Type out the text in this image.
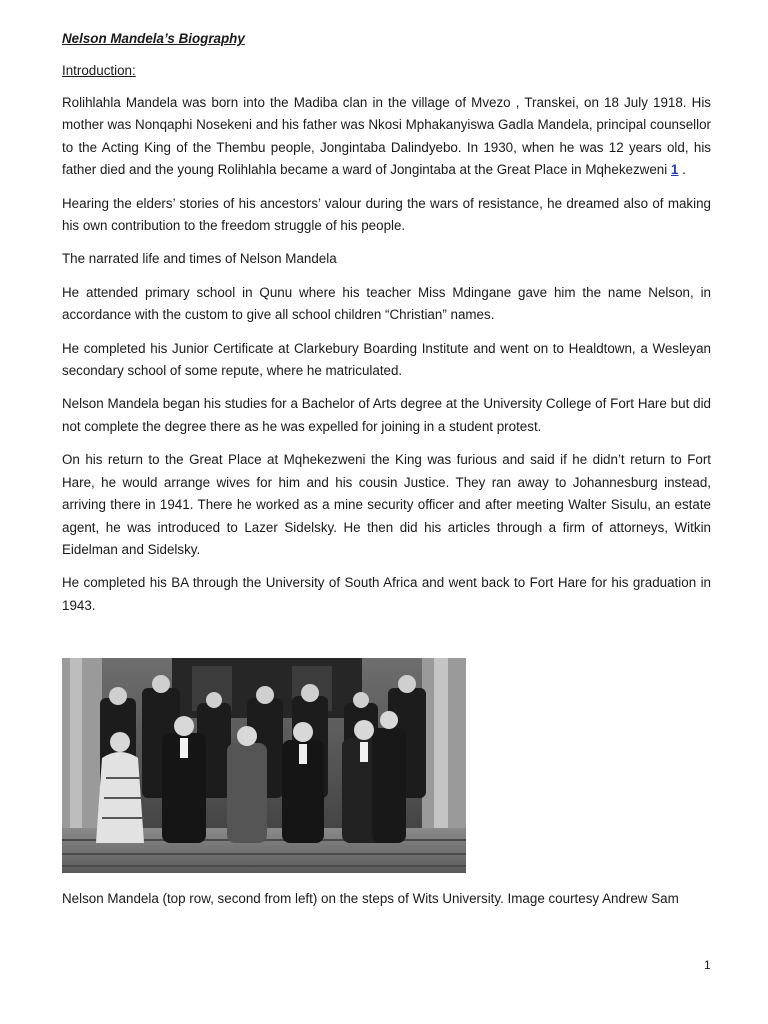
Nelson Mandela’s Biography
Introduction:

Rolihlahla Mandela was born into the Madiba clan in the village of Mvezo , Transkei, on 18 July 1918. His mother was Nonqaphi Nosekeni and his father was Nkosi Mphakanyiswa Gadla Mandela, principal counsellor to the Acting King of the Thembu people, Jongintaba Dalindyebo. In 1930, when he was 12 years old, his father died and the young Rolihlahla became a ward of Jongintaba at the Great Place in Mqhekezweni 1 .

Hearing the elders’ stories of his ancestors’ valour during the wars of resistance, he dreamed also of making his own contribution to the freedom struggle of his people.

The narrated life and times of Nelson Mandela

He attended primary school in Qunu where his teacher Miss Mdingane gave him the name Nelson, in accordance with the custom to give all school children “Christian” names.

He completed his Junior Certificate at Clarkebury Boarding Institute and went on to Healdtown, a Wesleyan secondary school of some repute, where he matriculated.

Nelson Mandela began his studies for a Bachelor of Arts degree at the University College of Fort Hare but did not complete the degree there as he was expelled for joining in a student protest.

On his return to the Great Place at Mqhekezweni the King was furious and said if he didn’t return to Fort Hare, he would arrange wives for him and his cousin Justice. They ran away to Johannesburg instead, arriving there in 1941. There he worked as a mine security officer and after meeting Walter Sisulu, an estate agent, he was introduced to Lazer Sidelsky. He then did his articles through a firm of attorneys, Witkin Eidelman and Sidelsky.

He completed his BA through the University of South Africa and went back to Fort Hare for his graduation in 1943.

Nelson Mandela (top row, second from left) on the steps of Wits University. Image courtesy Andrew Sam
1
